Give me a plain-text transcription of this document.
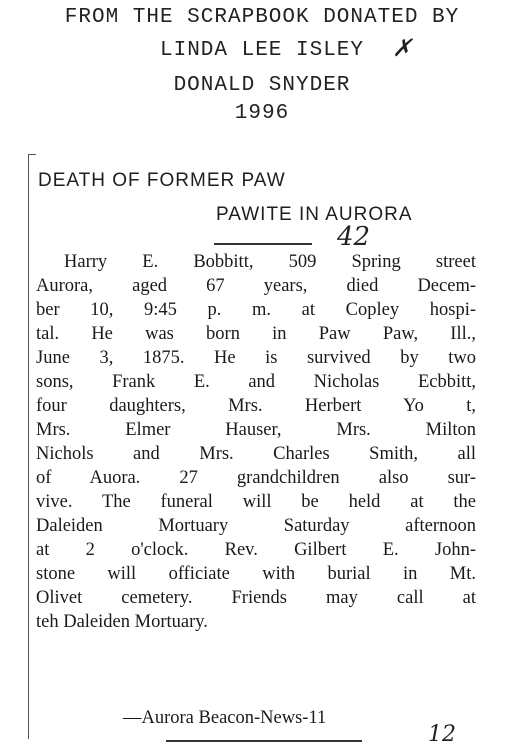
FROM THE SCRAPBOOK DONATED BY

LINDA LEE ISLEY	✗

DONALD SNYDER

1996

DEATH OF FORMER PAW

PAWITE IN AURORA

Harry E. Bobbitt, 509 Spring street
Aurora, aged 67 years, died Decem-
ber 10, 9:45 p. m. at Copley hospi-
tal. He was born in Paw Paw, Ill.,
June 3, 1875. He is survived by two
sons, Frank E. and Nicholas Ecbbitt,
four daughters, Mrs. Herbert Yo t,
Mrs. Elmer Hauser, Mrs. Milton
Nichols and Mrs. Charles Smith, all
of Auora. 27 grandchildren also sur-
vive. The funeral will be held at the
Daleiden Mortuary Saturday afternoon
at 2 o'clock. Rev. Gilbert E. John-
stone will officiate with burial in Mt.
Olivet cemetery. Friends may call at
teh Daleiden Mortuary.

—Aurora Beacon-News-11

42
12
